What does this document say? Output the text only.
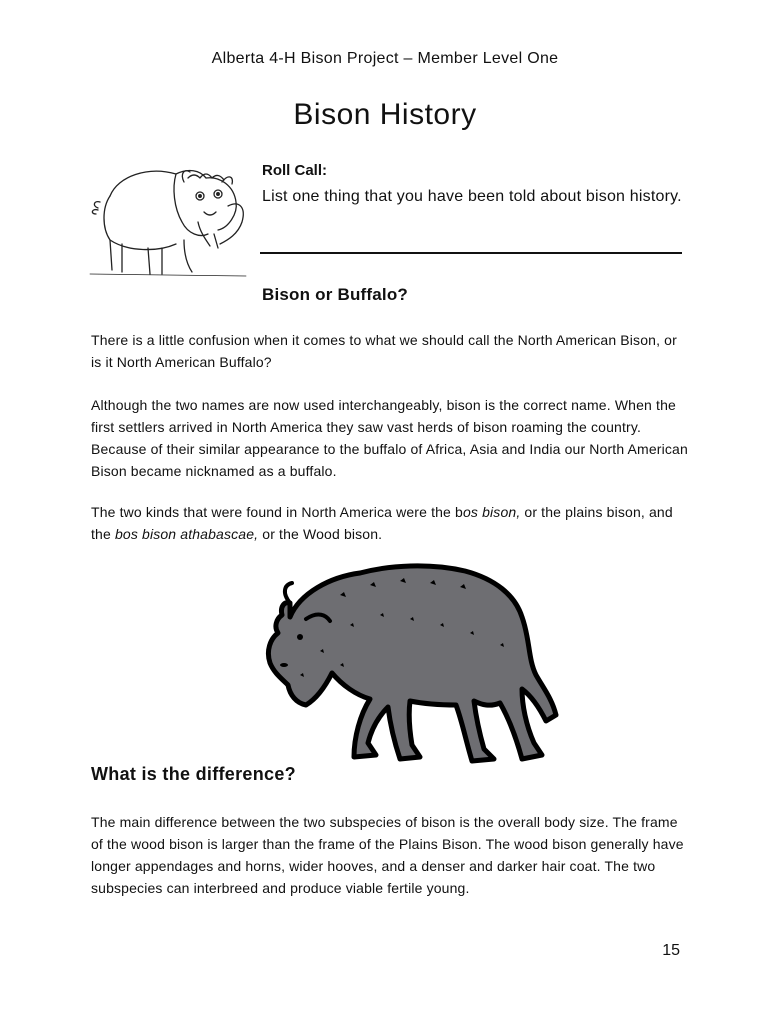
Alberta 4-H Bison Project – Member Level One
Bison History
Roll Call:
List one thing that you have been told about bison history.
Bison or Buffalo?

There is a little confusion when it comes to what we should call the North American Bison, or is it North American Buffalo?

Although the two names are now used interchangeably, bison is the correct name. When the first settlers arrived in North America they saw vast herds of bison roaming the country. Because of their similar appearance to the buffalo of Africa, Asia and India our North American Bison became nicknamed as a buffalo.

The two kinds that were found in North America were the bos bison, or the plains bison, and the bos bison athabascae, or the Wood bison.

What is the difference?

The main difference between the two subspecies of bison is the overall body size. The frame of the wood bison is larger than the frame of the Plains Bison. The wood bison generally have longer appendages and horns, wider hooves, and a denser and darker hair coat. The two subspecies can interbreed and produce viable fertile young.

15
